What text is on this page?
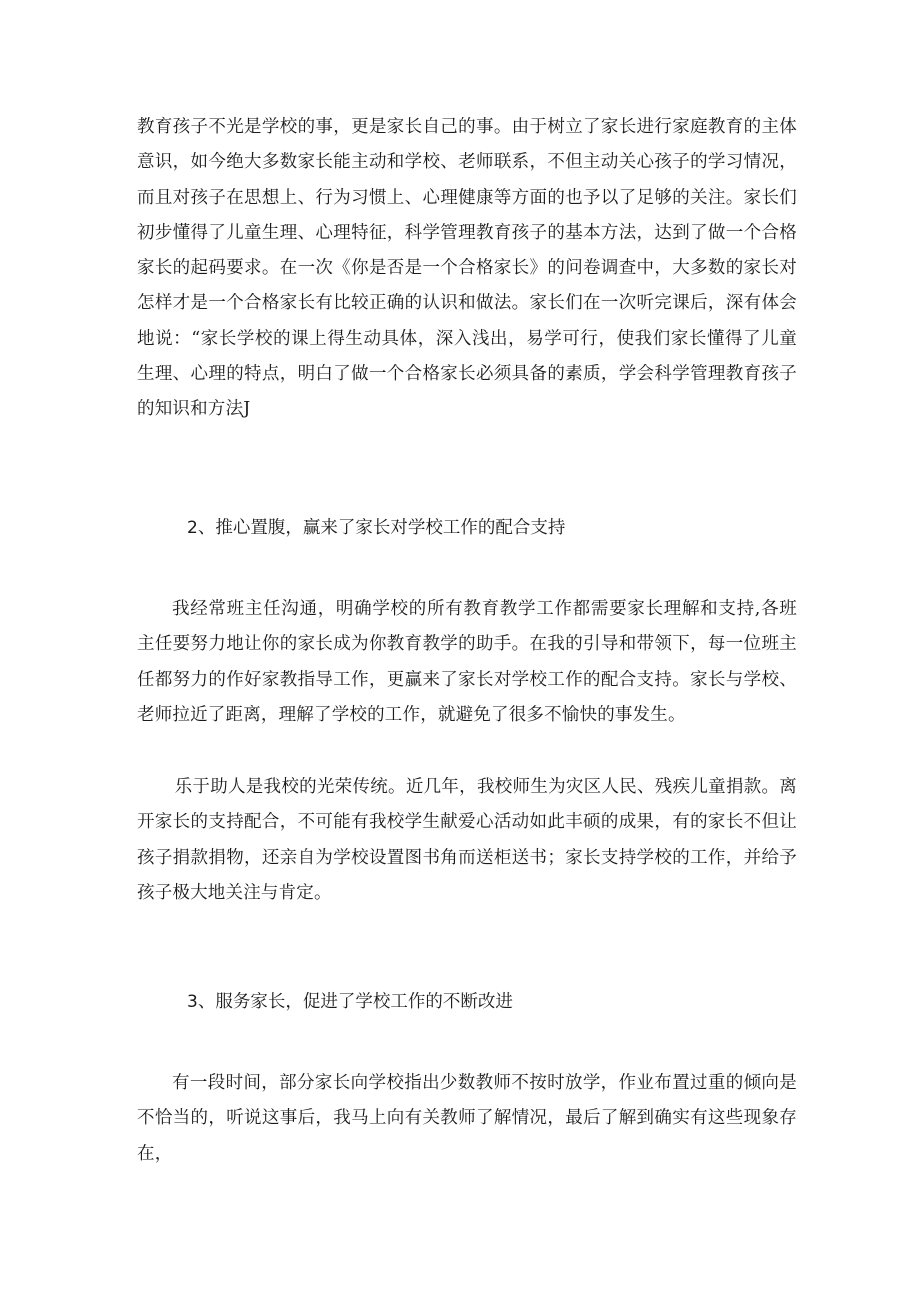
教育孩子不光是学校的事，更是家长自己的事。由于树立了家长进行家庭教育的主体意识，如今绝大多数家长能主动和学校、老师联系，不但主动关心孩子的学习情况，而且对孩子在思想上、行为习惯上、心理健康等方面的也予以了足够的关注。家长们初步懂得了儿童生理、心理特征，科学管理教育孩子的基本方法，达到了做一个合格家长的起码要求。在一次《你是否是一个合格家长》的问卷调查中，大多数的家长对怎样才是一个合格家长有比较正确的认识和做法。家长们在一次听完课后，深有体会地说：“家长学校的课上得生动具体，深入浅出，易学可行，使我们家长懂得了儿童生理、心理的特点，明白了做一个合格家长必须具备的素质，学会科学管理教育孩子的知识和方法J

2、推心置腹，赢来了家长对学校工作的配合支持

我经常班主任沟通，明确学校的所有教育教学工作都需要家长理解和支持,各班主任要努力地让你的家长成为你教育教学的助手。在我的引导和带领下，每一位班主任都努力的作好家教指导工作，更赢来了家长对学校工作的配合支持。家长与学校、老师拉近了距离，理解了学校的工作，就避免了很多不愉快的事发生。

乐于助人是我校的光荣传统。近几年，我校师生为灾区人民、残疾儿童捐款。离开家长的支持配合，不可能有我校学生献爱心活动如此丰硕的成果，有的家长不但让孩子捐款捐物，还亲自为学校设置图书角而送柜送书；家长支持学校的工作，并给予孩子极大地关注与肯定。

3、服务家长，促进了学校工作的不断改进

有一段时间，部分家长向学校指出少数教师不按时放学，作业布置过重的倾向是不恰当的，听说这事后，我马上向有关教师了解情况，最后了解到确实有这些现象存在，
